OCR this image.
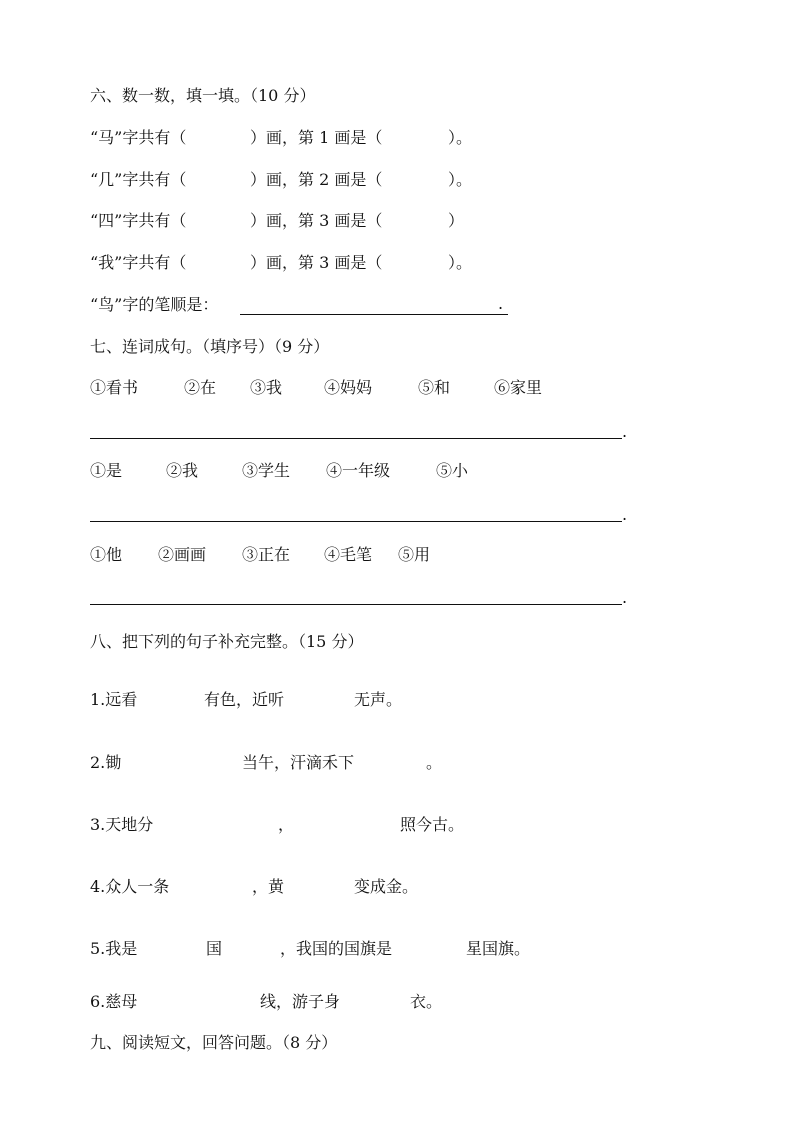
六、数一数，填一填。（10 分）

“马”字共有（

	）画，第 1 画是（

	）。

“几”字共有（

	）画，第 2 画是（

	）。

“四”字共有（

	）画，第 3 画是（

	）

“我”字共有（

	）画，第 3 画是（

	）。

“鸟”字的笔顺是：	.
七、连词成句。（填序号）（9 分）

①看书

	②在

③我

	④妈妈

	⑤和

	⑥家里

.

①是

	②我

	③学生

④一年级

	⑤小

.

①他

②画画

③正在

④毛笔

⑤用

.
八、把下列的句子补充完整。（15 分）

1.远看

	有色，近听

	无声。

2.锄

	当午，汗滴禾下

	。

3.天地分

	，

	照今古。

4.众人一条

	，黄

	变成金。

5.我是

	国

	，我国的国旗是

	星国旗。

6.慈母

	线，游子身

	衣。

九、阅读短文，回答问题。（8 分）
